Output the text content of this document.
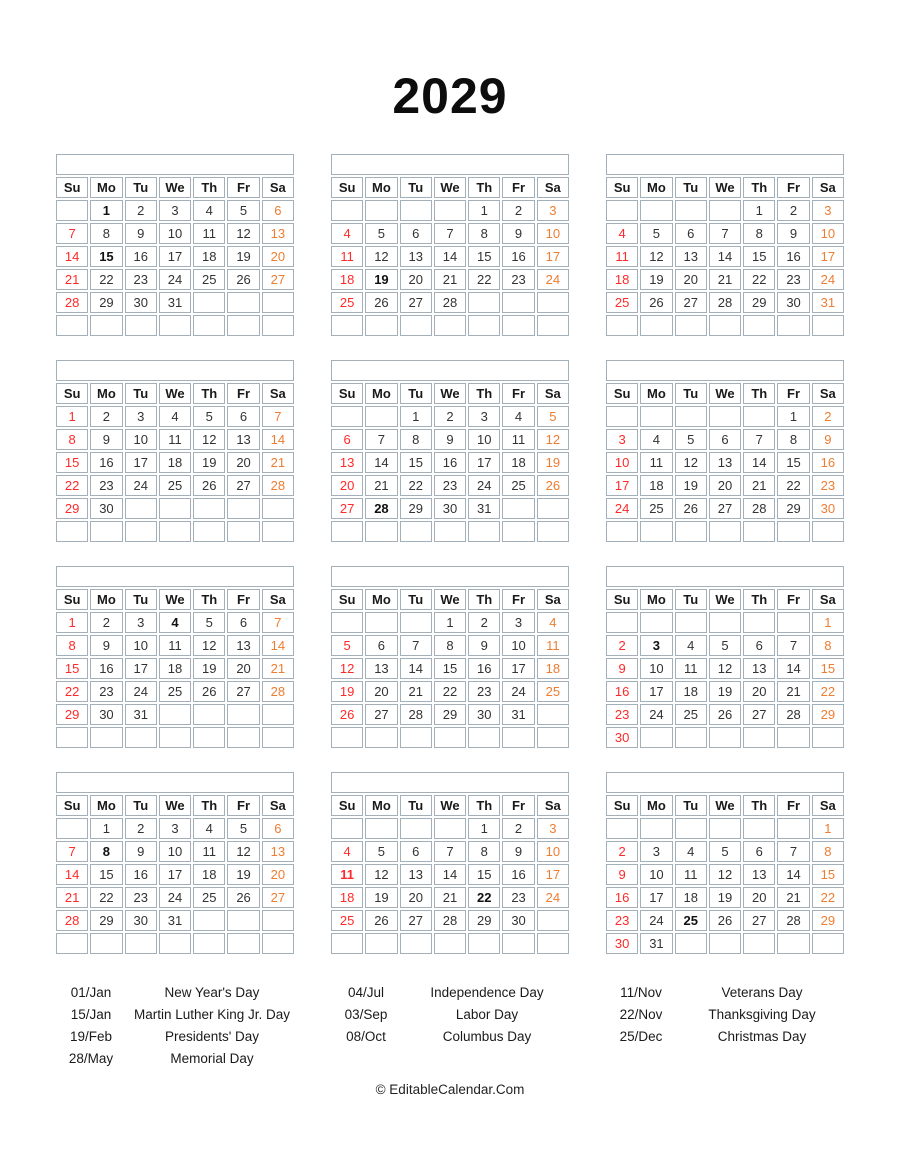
2029
JANUARY						
Su	Mo	Tu	We	Th	Fr	Sa
	1	2	3	4	5	6
7	8	9	10	11	12	13
14	15	16	17	18	19	20
21	22	23	24	25	26	27
28	29	30	31			

FEBRUARY						
Su	Mo	Tu	We	Th	Fr	Sa
				1	2	3
4	5	6	7	8	9	10
11	12	13	14	15	16	17
18	19	20	21	22	23	24
25	26	27	28			

MARCH						
Su	Mo	Tu	We	Th	Fr	Sa
				1	2	3
4	5	6	7	8	9	10
11	12	13	14	15	16	17
18	19	20	21	22	23	24
25	26	27	28	29	30	31

APRIL						
Su	Mo	Tu	We	Th	Fr	Sa
1	2	3	4	5	6	7
8	9	10	11	12	13	14
15	16	17	18	19	20	21
22	23	24	25	26	27	28
29	30					

MAY						
Su	Mo	Tu	We	Th	Fr	Sa
		1	2	3	4	5
6	7	8	9	10	11	12
13	14	15	16	17	18	19
20	21	22	23	24	25	26
27	28	29	30	31		

JUNE						
Su	Mo	Tu	We	Th	Fr	Sa
					1	2
3	4	5	6	7	8	9
10	11	12	13	14	15	16
17	18	19	20	21	22	23
24	25	26	27	28	29	30

JULY						
Su	Mo	Tu	We	Th	Fr	Sa
1	2	3	4	5	6	7
8	9	10	11	12	13	14
15	16	17	18	19	20	21
22	23	24	25	26	27	28
29	30	31				

AUGUST						
Su	Mo	Tu	We	Th	Fr	Sa
			1	2	3	4
5	6	7	8	9	10	11
12	13	14	15	16	17	18
19	20	21	22	23	24	25
26	27	28	29	30	31	

SEPTEMBER						
Su	Mo	Tu	We	Th	Fr	Sa
						1
2	3	4	5	6	7	8
9	10	11	12	13	14	15
16	17	18	19	20	21	22
23	24	25	26	27	28	29
30						
OCTOBER						
Su	Mo	Tu	We	Th	Fr	Sa
	1	2	3	4	5	6
7	8	9	10	11	12	13
14	15	16	17	18	19	20
21	22	23	24	25	26	27
28	29	30	31			

NOVEMBER						
Su	Mo	Tu	We	Th	Fr	Sa
				1	2	3
4	5	6	7	8	9	10
11	12	13	14	15	16	17
18	19	20	21	22	23	24
25	26	27	28	29	30	

DECEMBER						
Su	Mo	Tu	We	Th	Fr	Sa
						1
2	3	4	5	6	7	8
9	10	11	12	13	14	15
16	17	18	19	20	21	22
23	24	25	26	27	28	29
30	31					
01/Jan	New Year's Day
15/Jan	Martin Luther King Jr. Day
19/Feb	Presidents' Day
28/May	Memorial Day
04/Jul	Independence Day
03/Sep	Labor Day
08/Oct	Columbus Day
11/Nov	Veterans Day
22/Nov	Thanksgiving Day
25/Dec	Christmas Day
© EditableCalendar.Com
